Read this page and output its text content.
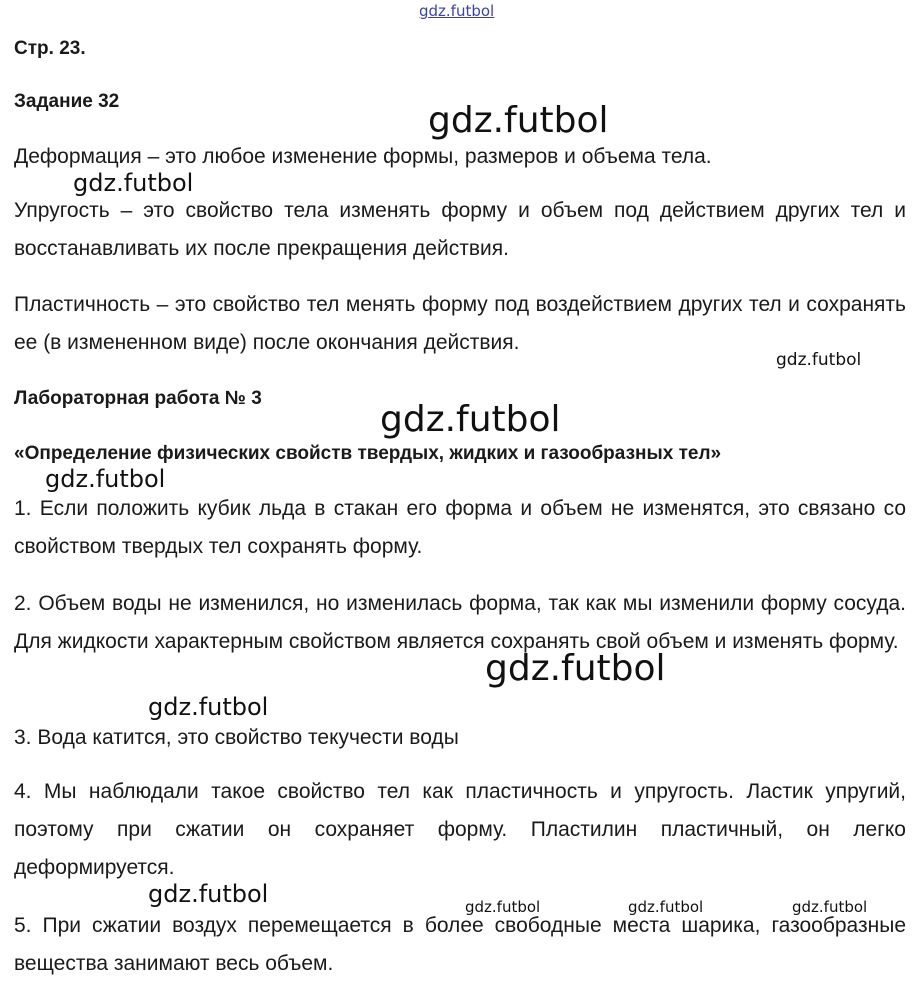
gdz.futbol
gdz.futbol
gdz.futbol
gdz.futbol
gdz.futbol
gdz.futbol
gdz.futbol
gdz.futbol
gdz.futbol	gdz.futbol	gdz.futbol	gdz.futbol

Стр. 23.

Задание 32

Деформация – это любое изменение формы, размеров и объема тела.

Упругость – это свойство тела изменять форму и объем под действием других тел и восстанавливать их после прекращения действия.

Пластичность – это свойство тел менять форму под воздействием других тел и сохранять ее (в измененном виде) после окончания действия.

Лабораторная работа № 3

«Определение физических свойств твердых, жидких и газообразных тел»

1. Если положить кубик льда в стакан его форма и объем не изменятся, это связано со свойством твердых тел сохранять форму.

2. Объем воды не изменился, но изменилась форма, так как мы изменили форму сосуда. Для жидкости характерным свойством является сохранять свой объем и изменять форму.

3. Вода катится, это свойство текучести воды

4. Мы наблюдали такое свойство тел как пластичность и упругость. Ластик упругий, поэтому при сжатии он сохраняет форму. Пластилин пластичный, он легко деформируется.

5. При сжатии воздух перемещается в более свободные места шарика, газообразные вещества занимают весь объем.
